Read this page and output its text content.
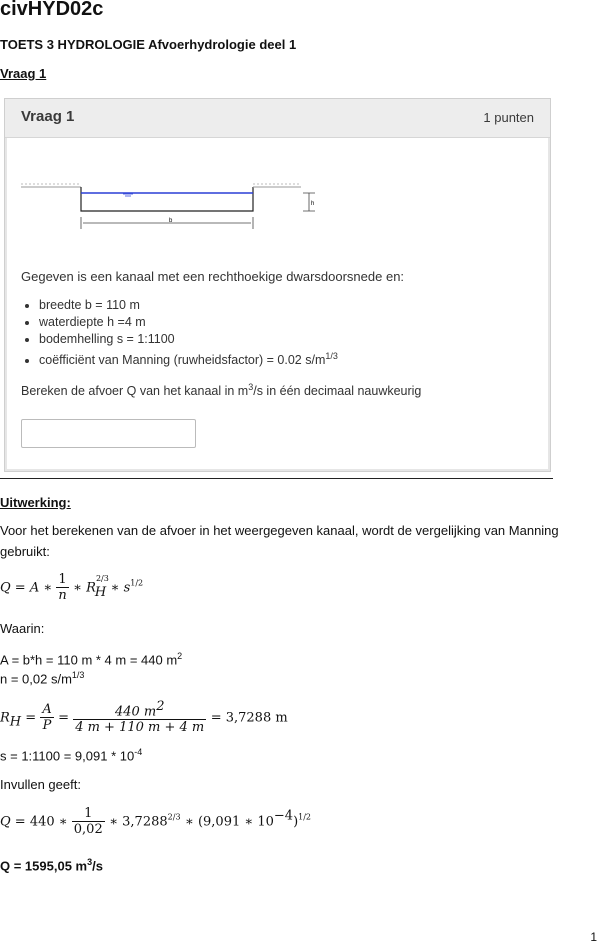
civHYD02c
TOETS 3 HYDROLOGIE Afvoerhydrologie deel 1
Vraag 1
Vraag 1	1 punten
b
h
Gegeven is een kanaal met een rechthoekige dwarsdoorsnede en:
• breedte b = 110 m
• waterdiepte h =4 m
• bodemhelling s = 1:1100
• coëfficiënt van Manning (ruwheidsfactor) = 0.02 $s/m^{1/3}$
Bereken de afvoer Q van het kanaal in $m^3/s$ in één decimaal nauwkeurig
Uitwerking:
Voor het berekenen van de afvoer in het weergegeven kanaal, wordt de vergelijking van Manning
gebruikt:
Q = A ∗ $\frac{1}{n}$ ∗ $R^{2/3}_H$ ∗ $s^{1/2}$
Waarin:
A = b*h = 110 m * 4 m = 440 $m^2$
n = 0,02 $s/m^{1/3}$
$R_H = \frac{A}{P} = \frac{440 m^2}{4 m + 110 m + 4 m} = 3,7288$ m
s = 1:1100 = $9,091 * 10^{-4}$
Invullen geeft:
Q = 440 ∗ $\frac{1}{0,02}$ ∗ $3,7288^{2/3}$ ∗ (9,091 ∗ $10^{-4})^{1/2}$
Q = 1595,05 $m^3/s$
1
